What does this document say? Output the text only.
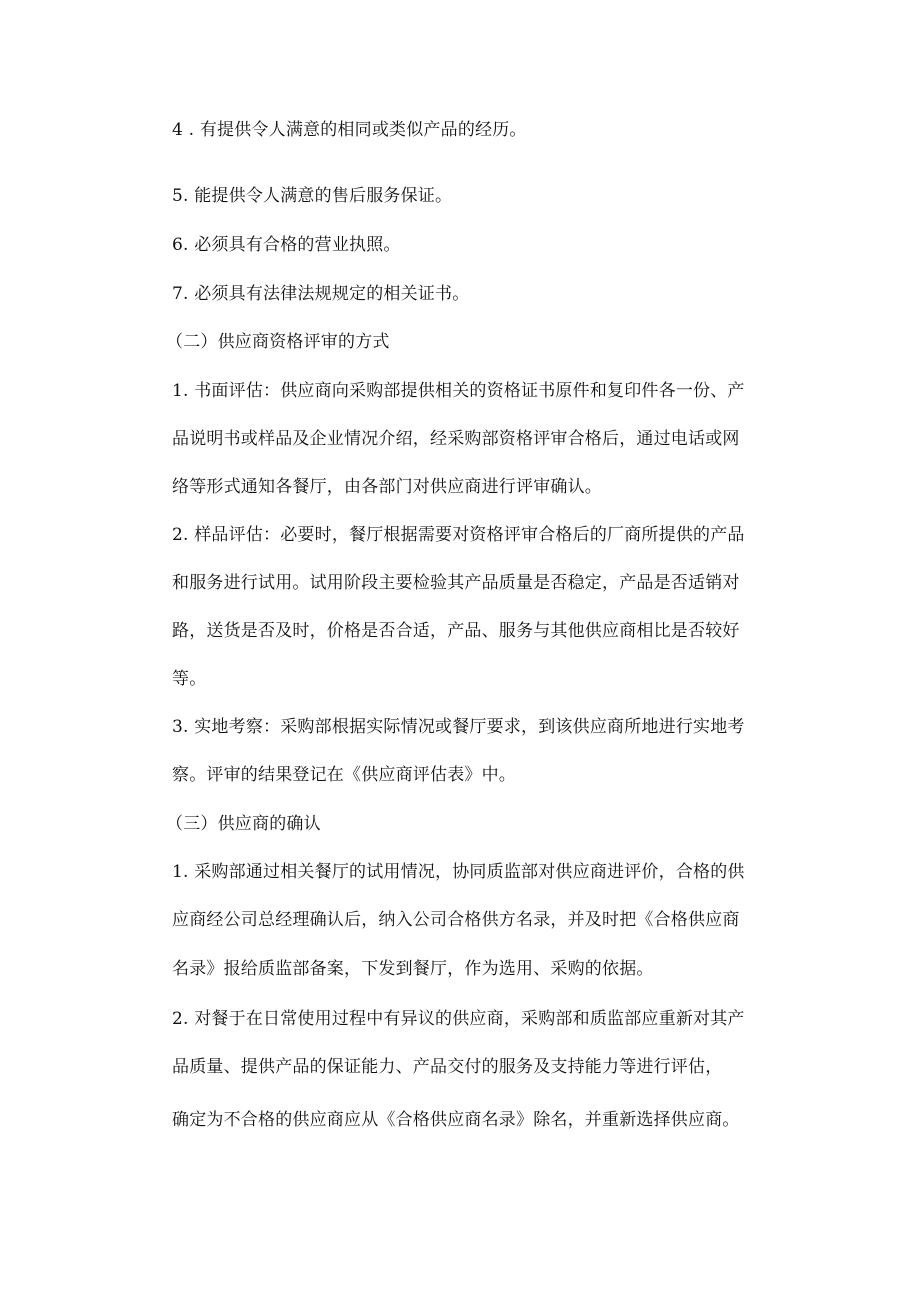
4 . 有提供令人满意的相同或类似产品的经历。
5. 能提供令人满意的售后服务保证。
6. 必须具有合格的营业执照。
7. 必须具有法律法规规定的相关证书。
（二）供应商资格评审的方式
1. 书面评估：供应商向采购部提供相关的资格证书原件和复印件各一份、产
品说明书或样品及企业情况介绍，经采购部资格评审合格后，通过电话或网
络等形式通知各餐厅，由各部门对供应商进行评审确认。
2. 样品评估：必要时，餐厅根据需要对资格评审合格后的厂商所提供的产品
和服务进行试用。试用阶段主要检验其产品质量是否稳定，产品是否适销对
路，送货是否及时，价格是否合适，产品、服务与其他供应商相比是否较好
等。
3. 实地考察：采购部根据实际情况或餐厅要求，到该供应商所地进行实地考
察。评审的结果登记在《供应商评估表》中。
（三）供应商的确认
1. 采购部通过相关餐厅的试用情况，协同质监部对供应商进评价，合格的供
应商经公司总经理确认后，纳入公司合格供方名录，并及时把《合格供应商
名录》报给质监部备案，下发到餐厅，作为选用、采购的依据。
2. 对餐于在日常使用过程中有异议的供应商，采购部和质监部应重新对其产
品质量、提供产品的保证能力、产品交付的服务及支持能力等进行评估，
确定为不合格的供应商应从《合格供应商名录》除名，并重新选择供应商。
